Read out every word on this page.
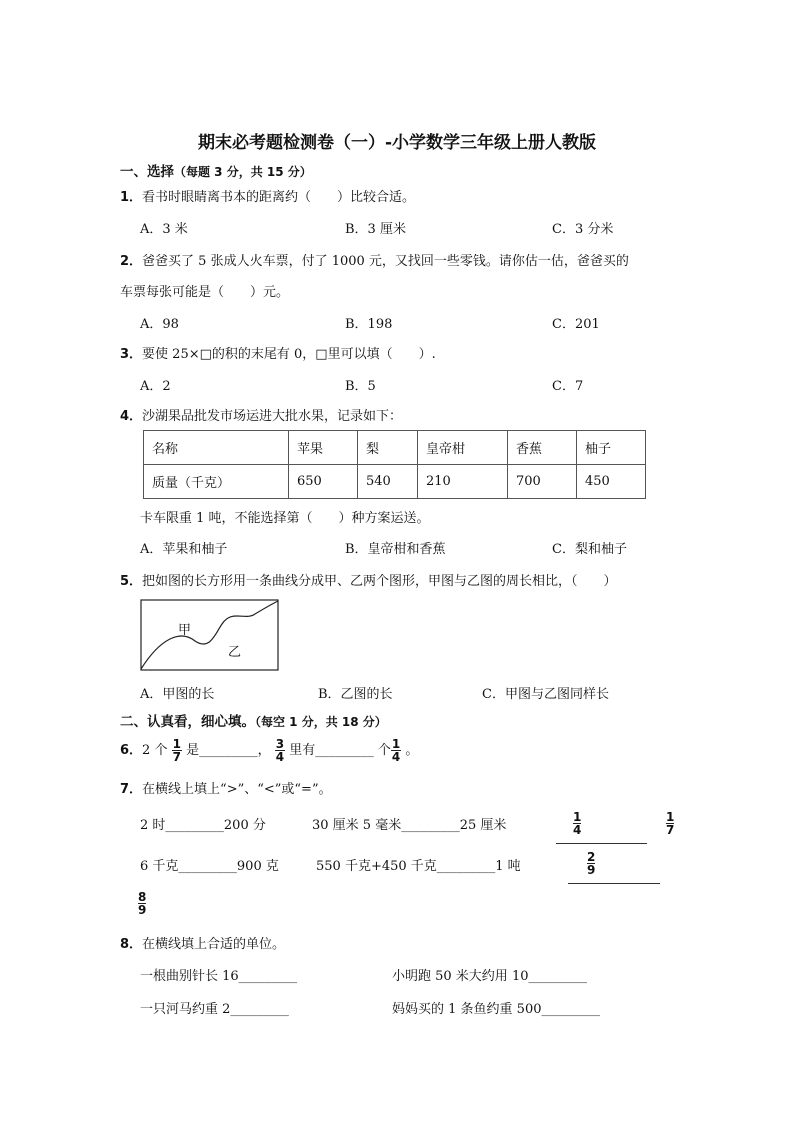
期末必考题检测卷（一）-小学数学三年级上册人教版
一、选择（每题 3 分，共 15 分）
1．看书时眼睛离书本的距离约（　　）比较合适。
A．3 米	B．3 厘米	C．3 分米
2．爸爸买了 5 张成人火车票，付了 1000 元，又找回一些零钱。请你估一估，爸爸买的
车票每张可能是（　　）元。
A．98	B．198	C．201
3．要使 25×□的积的末尾有 0，□里可以填（　　）.
A．2	B．5	C．7
4．沙湖果品批发市场运进大批水果，记录如下：
名称	苹果	梨	皇帝柑	香蕉	柚子
质量（千克）	650	540	210	700	450
卡车限重 1 吨，不能选择第（　　）种方案运送。
A．苹果和柚子	B．皇帝柑和香蕉	C．梨和柚子
5．把如图的长方形用一条曲线分成甲、乙两个图形，甲图与乙图的周长相比，（　　）
甲
乙
A．甲图的长	B．乙图的长	C．甲图与乙图同样长
二、认真看，细心填。（每空 1 分，共 18 分）
6．2 个 $\frac{1}{7}$ 是_________， $\frac{3}{4}$ 里有_________ 个 $\frac{1}{4}$ 。
7．在横线上填上“>”、“<”或“=”。
2 时_________200 分	30 厘米 5 毫米_________25 厘米
6 千克_________900 克	550 千克+450 千克_________1 吨
$\frac{1}{4}$	$\frac{1}{7}$
$\frac{2}{9}$
$\frac{8}{9}$
8．在横线填上合适的单位。
一根曲别针长 16_________	小明跑 50 米大约用 10_________
一只河马约重 2_________	妈妈买的 1 条鱼约重 500_________
